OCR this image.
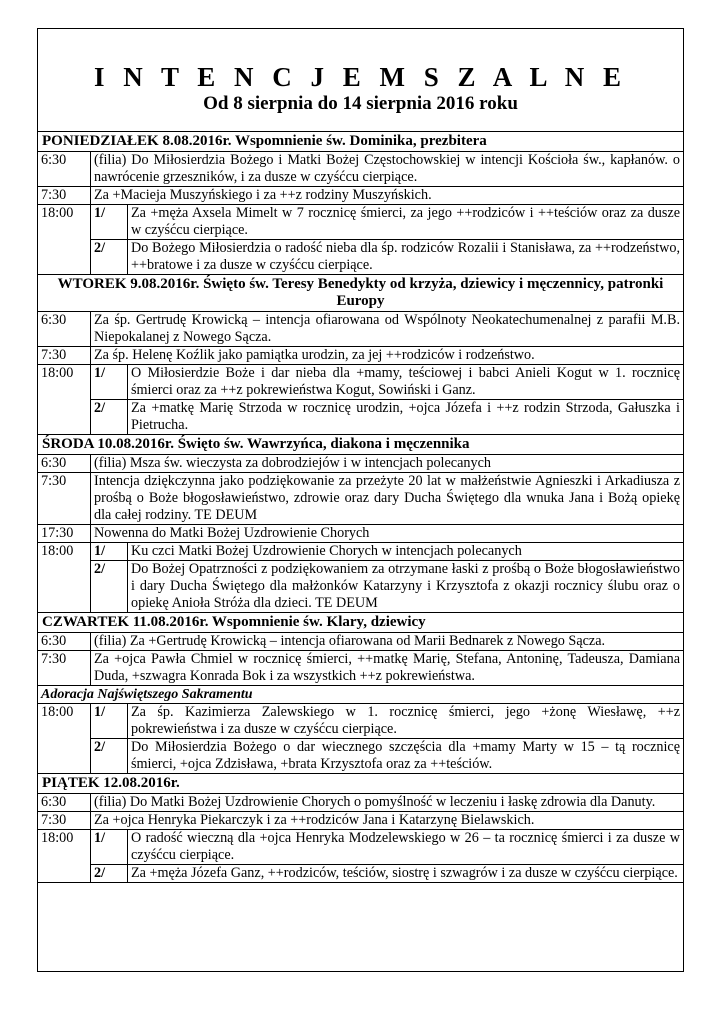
I N T E N C J E M S Z A L N E
Od 8 sierpnia do 14 sierpnia 2016 roku
PONIEDZIAŁEK 8.08.2016r. Wspomnienie św. Dominika, prezbitera		
6:30	(filia) Do Miłosierdzia Bożego i Matki Bożej Częstochowskiej w intencji Kościoła św., kapłanów. o nawrócenie grzeszników, i za dusze w czyśćcu cierpiące.	
7:30	Za +Macieja Muszyńskiego i za ++z rodziny Muszyńskich.	
18:00	1/	Za +męża Axsela Mimelt w 7 rocznicę śmierci, za jego ++rodziców i ++teściów oraz za dusze w czyśćcu cierpiące.
	2/	Do Bożego Miłosierdzia o radość nieba dla śp. rodziców Rozalii i Stanisława, za ++rodzeństwo, ++bratowe i za dusze w czyśćcu cierpiące.
WTOREK 9.08.2016r. Święto św. Teresy Benedykty od krzyża, dziewicy i męczennicy, patronki Europy		
6:30	Za śp. Gertrudę Krowicką – intencja ofiarowana od Wspólnoty Neokatechumenalnej z parafii M.B. Niepokalanej z Nowego Sącza.	
7:30	Za śp. Helenę Koźlik jako pamiątka urodzin, za jej ++rodziców i rodzeństwo.	
18:00	1/	O Miłosierdzie Boże i dar nieba dla +mamy, teściowej i babci Anieli Kogut w 1. rocznicę śmierci oraz za ++z pokrewieństwa Kogut, Sowiński i Ganz.
	2/	Za +matkę Marię Strzoda w rocznicę urodzin, +ojca Józefa i ++z rodzin Strzoda, Gałuszka i Pietrucha.
ŚRODA 10.08.2016r. Święto św. Wawrzyńca, diakona i męczennika		
6:30	(filia) Msza św. wieczysta za dobrodziejów i w intencjach polecanych	
7:30	Intencja dziękczynna jako podziękowanie za przeżyte 20 lat w małżeństwie Agnieszki i Arkadiusza z prośbą o Boże błogosławieństwo, zdrowie oraz dary Ducha Świętego dla wnuka Jana i Bożą opiekę dla całej rodziny. TE DEUM	
17:30	Nowenna do Matki Bożej Uzdrowienie Chorych	
18:00	1/	Ku czci Matki Bożej Uzdrowienie Chorych w intencjach polecanych
	2/	Do Bożej Opatrzności z podziękowaniem za otrzymane łaski z prośbą o Boże błogosławieństwo i dary Ducha Świętego dla małżonków Katarzyny i Krzysztofa z okazji rocznicy ślubu oraz o opiekę Anioła Stróża dla dzieci. TE DEUM
CZWARTEK 11.08.2016r. Wspomnienie św. Klary, dziewicy		
6:30	(filia) Za +Gertrudę Krowicką – intencja ofiarowana od Marii Bednarek z Nowego Sącza.	
7:30	Za +ojca Pawła Chmiel w rocznicę śmierci, ++matkę Marię, Stefana, Antoninę, Tadeusza, Damiana Duda, +szwagra Konrada Bok i za wszystkich ++z pokrewieństwa.	
Adoracja Najświętszego Sakramentu		
18:00	1/	Za śp. Kazimierza Zalewskiego w 1. rocznicę śmierci, jego +żonę Wiesławę, ++z pokrewieństwa i za dusze w czyśćcu cierpiące.
	2/	Do Miłosierdzia Bożego o dar wiecznego szczęścia dla +mamy Marty w 15 – tą rocznicę śmierci, +ojca Zdzisława, +brata Krzysztofa oraz za ++teściów.
PIĄTEK 12.08.2016r.		
6:30	(filia) Do Matki Bożej Uzdrowienie Chorych o pomyślność w leczeniu i łaskę zdrowia dla Danuty.	
7:30	Za +ojca Henryka Piekarczyk i za ++rodziców Jana i Katarzynę Bielawskich.	
18:00	1/	O radość wieczną dla +ojca Henryka Modzelewskiego w 26 – ta rocznicę śmierci i za dusze w czyśćcu cierpiące.
	2/	Za +męża Józefa Ganz, ++rodziców, teściów, siostrę i szwagrów i za dusze w czyśćcu cierpiące.
